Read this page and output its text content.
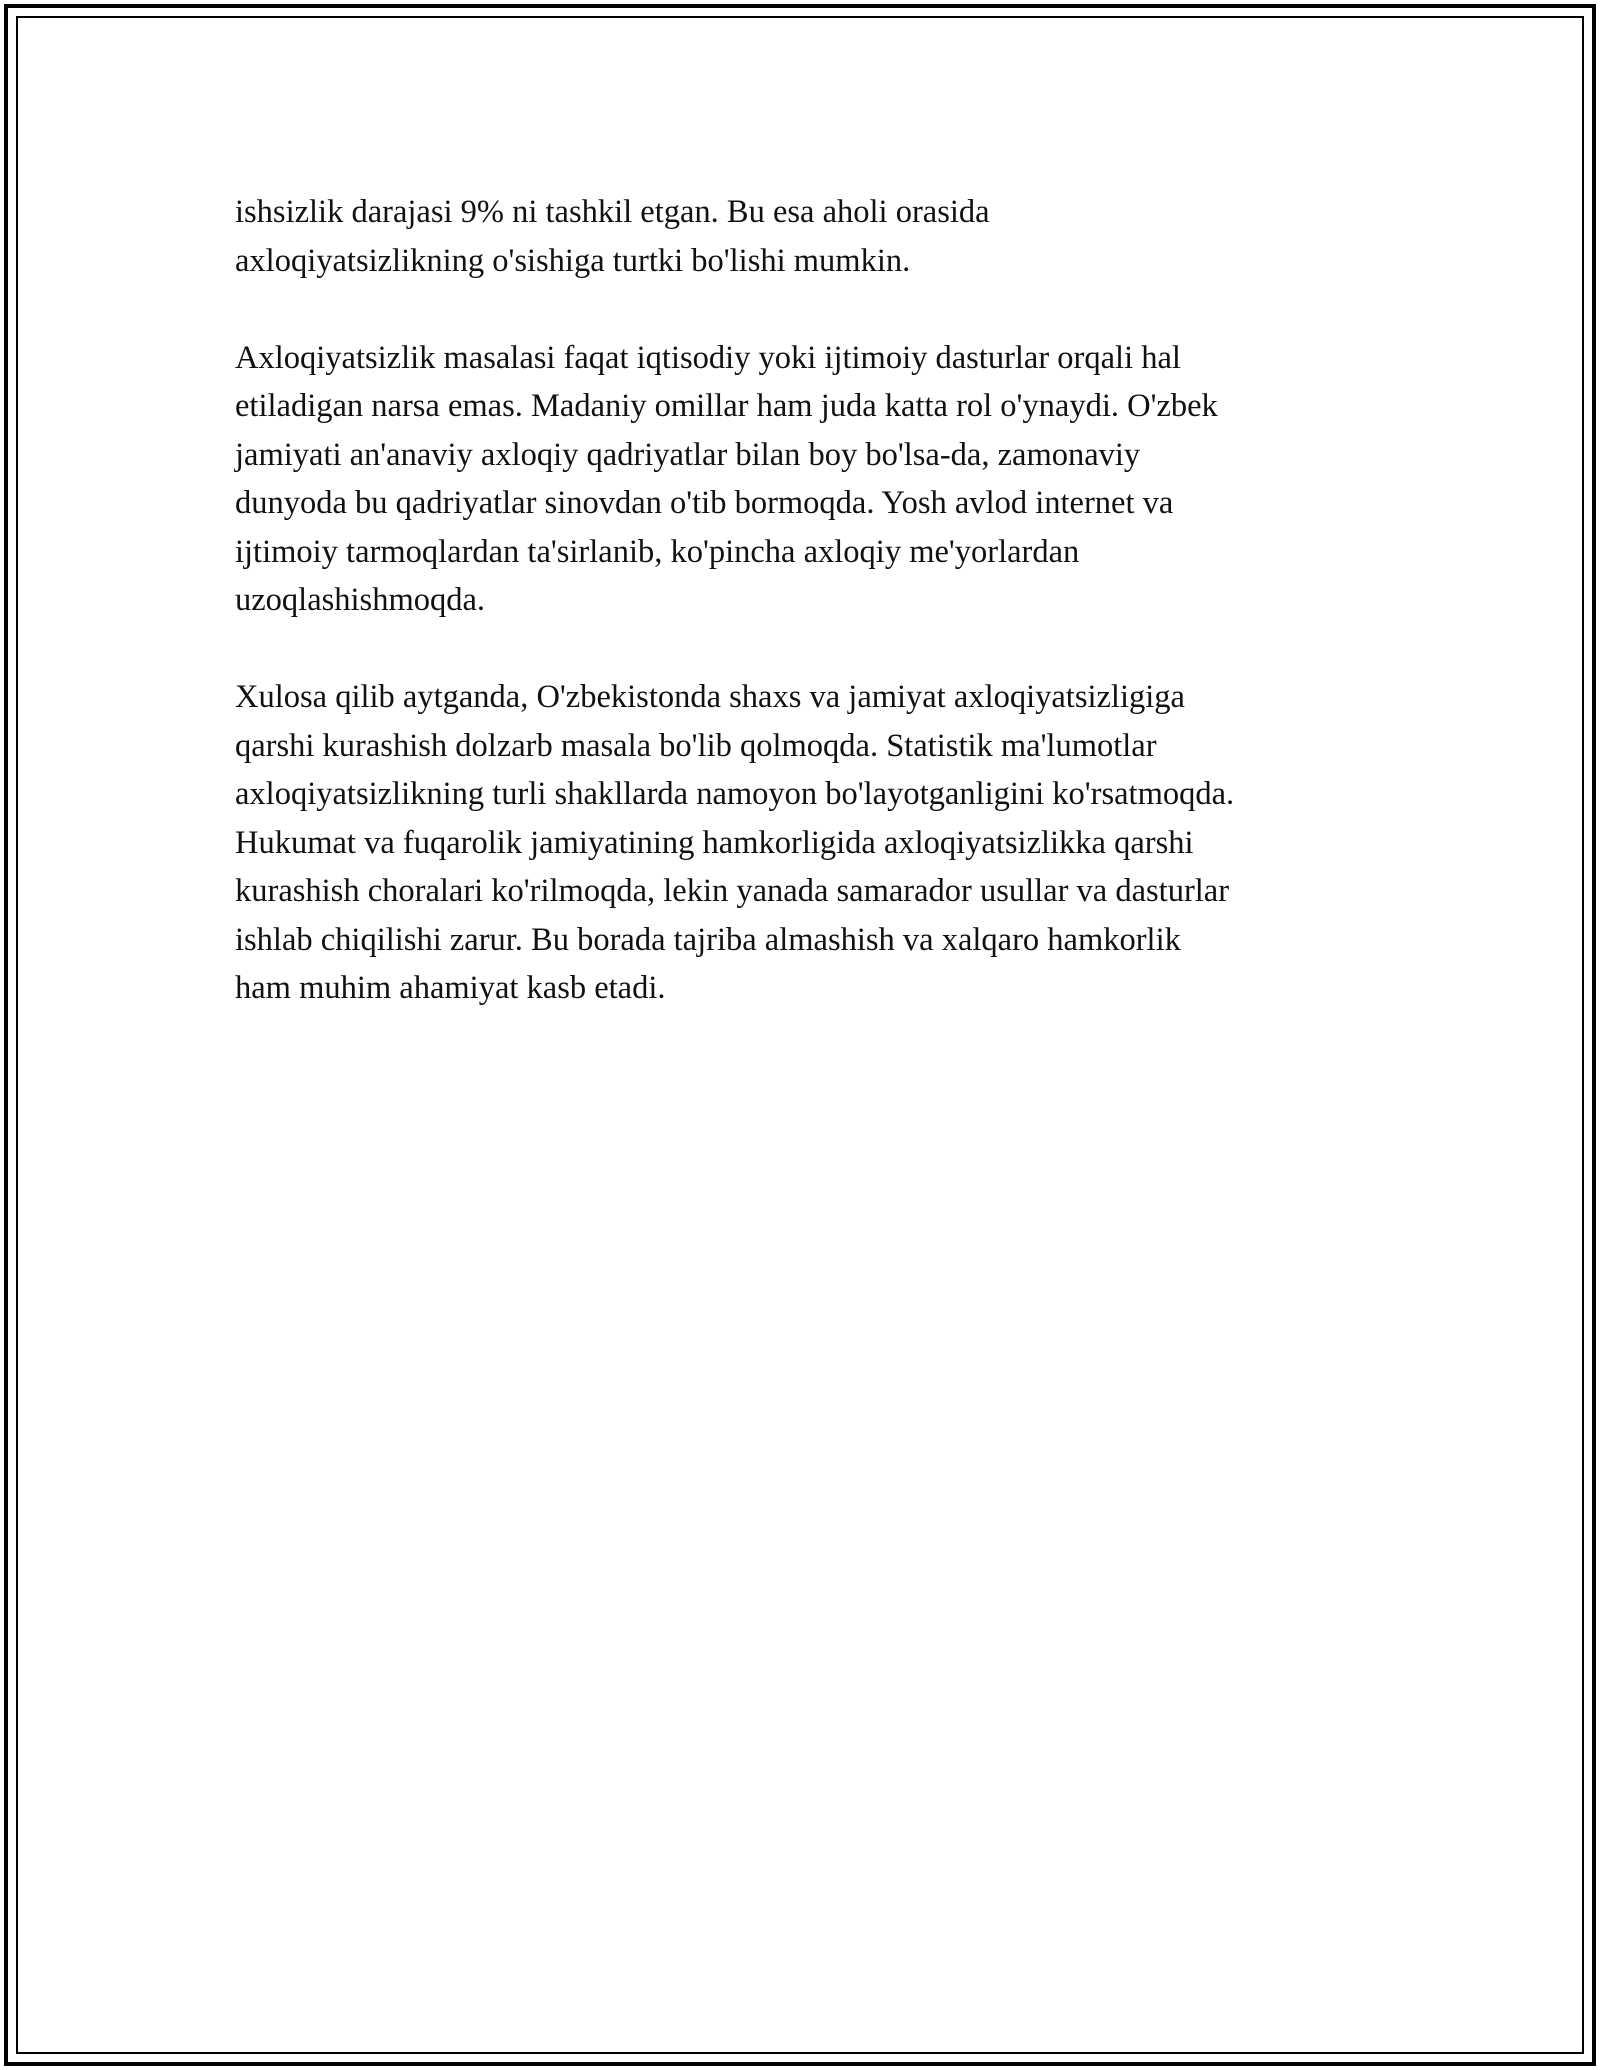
ishsizlik darajasi 9% ni tashkil etgan. Bu esa aholi orasida
axloqiyatsizlikning o'sishiga turtki bo'lishi mumkin.

Axloqiyatsizlik masalasi faqat iqtisodiy yoki ijtimoiy dasturlar orqali hal
etiladigan narsa emas. Madaniy omillar ham juda katta rol o'ynaydi. O'zbek
jamiyati an'anaviy axloqiy qadriyatlar bilan boy bo'lsa-da, zamonaviy
dunyoda bu qadriyatlar sinovdan o'tib bormoqda. Yosh avlod internet va
ijtimoiy tarmoqlardan ta'sirlanib, ko'pincha axloqiy me'yorlardan
uzoqlashishmoqda.

Xulosa qilib aytganda, O'zbekistonda shaxs va jamiyat axloqiyatsizligiga
qarshi kurashish dolzarb masala bo'lib qolmoqda. Statistik ma'lumotlar
axloqiyatsizlikning turli shakllarda namoyon bo'layotganligini ko'rsatmoqda.
Hukumat va fuqarolik jamiyatining hamkorligida axloqiyatsizlikka qarshi
kurashish choralari ko'rilmoqda, lekin yanada samarador usullar va dasturlar
ishlab chiqilishi zarur. Bu borada tajriba almashish va xalqaro hamkorlik
ham muhim ahamiyat kasb etadi.
